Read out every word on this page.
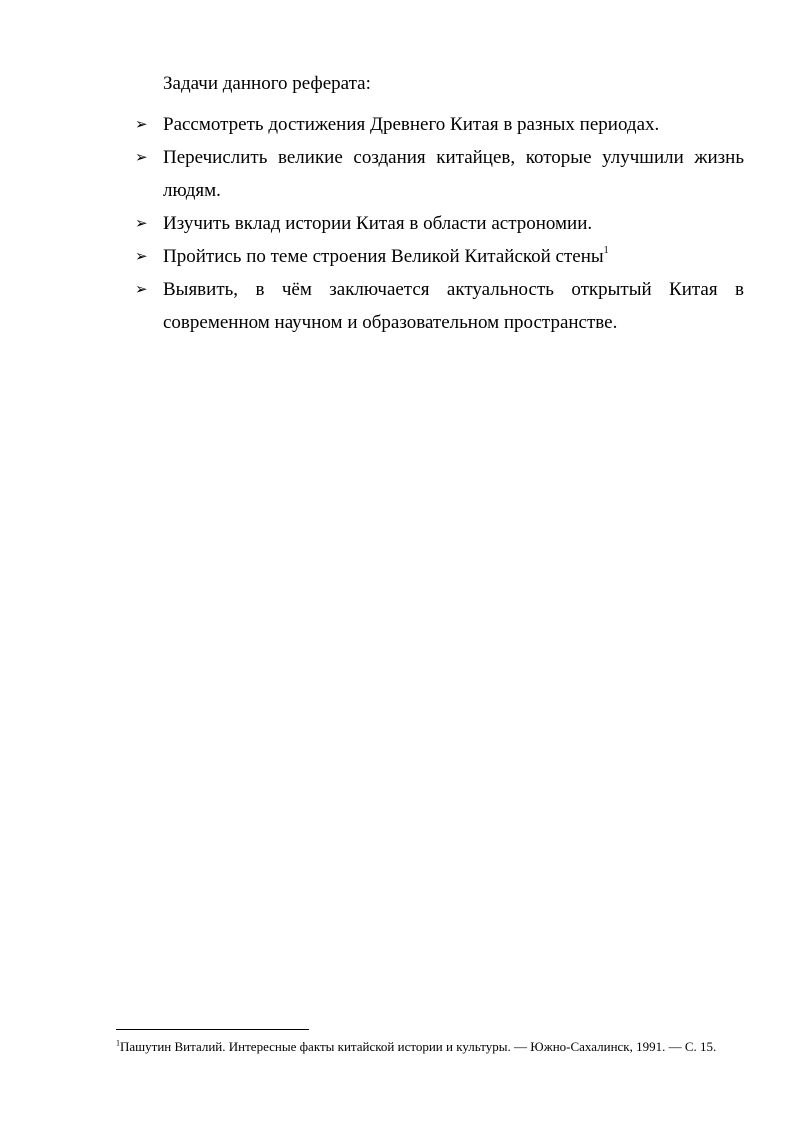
Задачи данного реферата:
➢ Рассмотреть достижения Древнего Китая в разных периодах.
➢ Перечислить великие создания китайцев, которые улучшили жизнь людям.
➢ Изучить вклад истории Китая в области астрономии.
➢ Пройтись по теме строения Великой Китайской стены$^1$
➢ Выявить, в чём заключается актуальность открытый Китая в современном научном и образовательном пространстве.
$^1$Пашутин Виталий. Интересные факты китайской истории и культуры. — Южно-Сахалинск, 1991. — С. 15.
